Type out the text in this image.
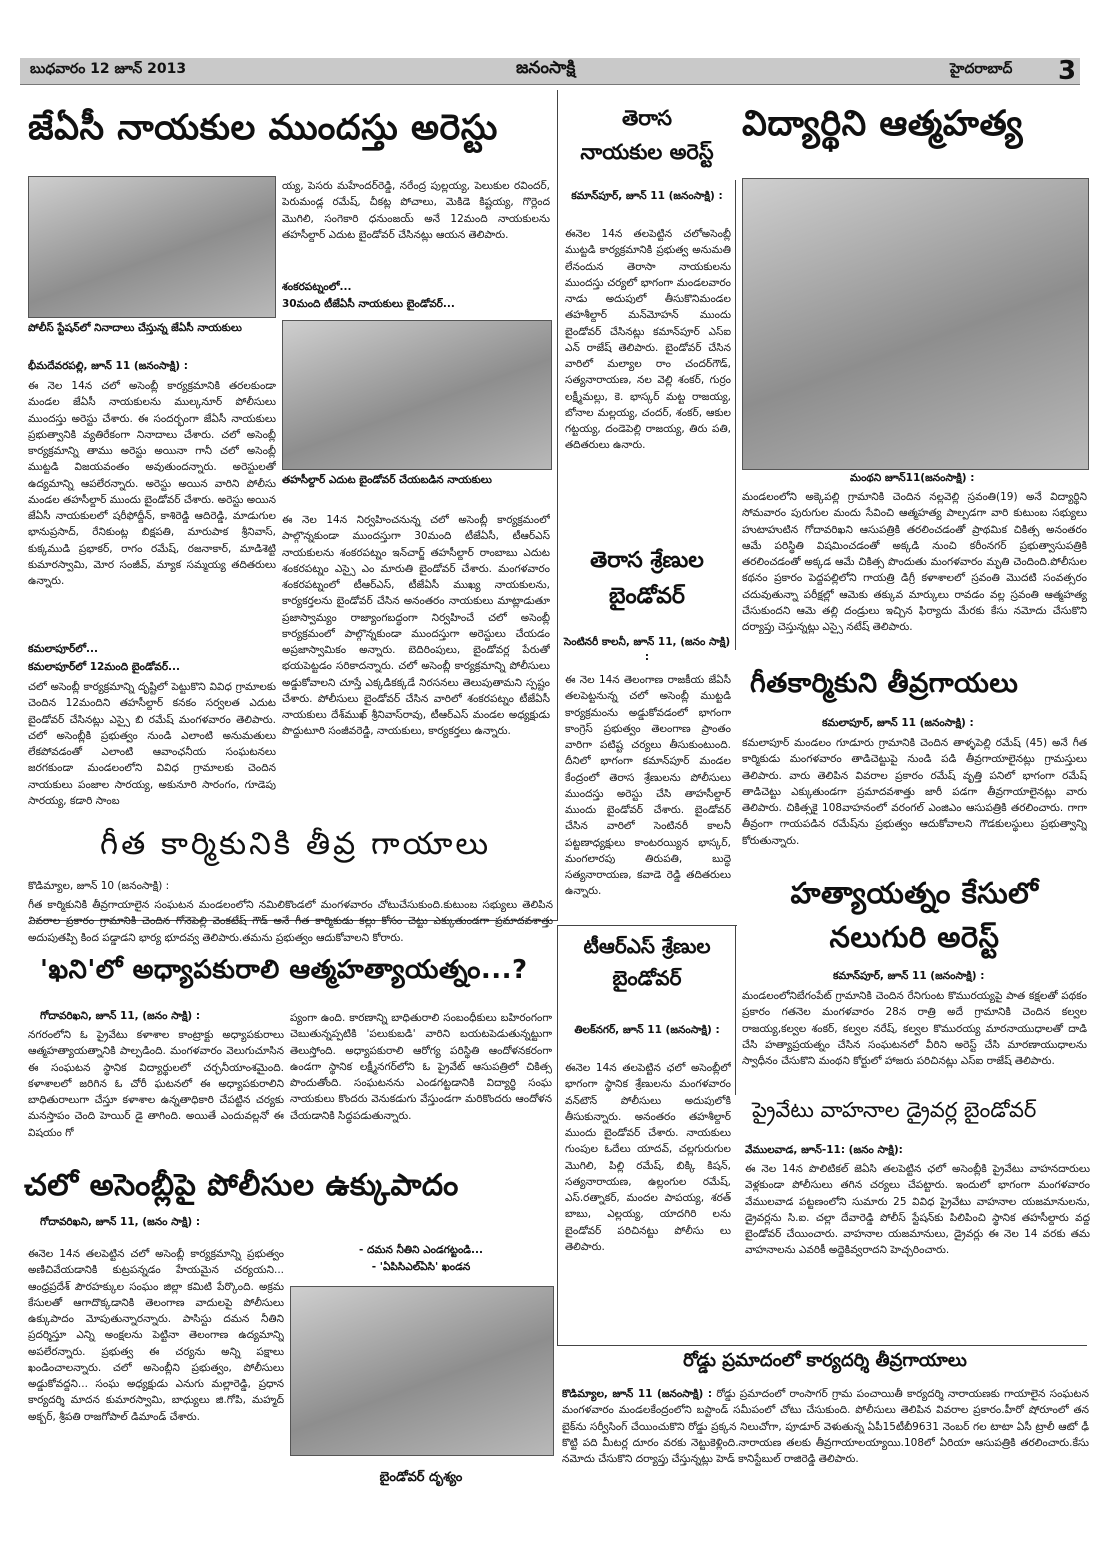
బుధవారం 12 జూన్ 2013	జనంసాక్షి	హైదరాబాద్ 3
జేఏసీ నాయకుల ముందస్తు అరెస్టు
పోలీస్ స్టేషన్‌లో నినాదాలు చేస్తున్న జేఏసీ నాయకులు
భీమదేవరపల్లి, జూన్ 11 (జనంసాక్షి) :
ఈ నెల 14న చలో అసెంబ్లీ కార్యక్రమానికి తరలకుండా మండల జేఏసీ నాయకులను ముల్కనూర్ పోలీసులు ముందస్తు అరెస్టు చేశారు. ఈ సందర్భంగా జేఏసీ నాయకులు ప్రభుత్వానికి వ్యతిరేకంగా నినాదాలు చేశారు. చలో అసెంబ్లీ కార్యక్రమాన్ని తాము అరెస్టు అయినా గానీ చలో అసెంబ్లీ ముట్టడి విజయవంతం అవుతుందన్నారు. అరెస్టులతో ఉద్యమాన్ని ఆపలేరన్నారు. అరెస్టు అయిన వారిని పోలీసు మండల తహసీల్దార్ ముందు బైండోవర్ చేశారు. అరెస్టు అయిన జేఏసీ నాయకులలో షరీఫోద్దీన్, కాశిరెడ్డి ఆదిరెడ్డి, మాడుగుల భానుప్రసాద్, రేనికుంట్ల బిక్షపతి, మారుపాక శ్రీనివాస్, కుక్కముడి ప్రభాకర్, రాగం రమేష్, రజనాకార్, మాడిశెట్టి కుమారస్వామి, మోర సంజీవ్, మ్యాక సమ్మయ్య తదితరులు ఉన్నారు.
కమలాపూర్‌లో...
కమలాపూర్‌లో 12మంది బైండోవర్...
చలో అసెంబ్లీ కార్యక్రమాన్ని దృష్టిలో పెట్టుకొని వివిధ గ్రామాలకు చెందిన 12మందిని తహసీల్దార్ కనకం సర్వలత ఎదుట బైండోవర్ చేసినట్లు ఎస్సై బి రమేష్ మంగళవారం తెలిపారు. చలో అసెంబ్లీకి ప్రభుత్వం నుండి ఎలాంటి అనుమతులు లేకపోవడంతో ఎలాంటి ఆవాంఛనీయ సంఘటనలు జరగకుండా మండలంలోని వివిధ గ్రామాలకు చెందిన నాయకులు పంజాల సారయ్య, అకునూరి సారంగం, గూడెపు సారయ్య, కడారి సాంబ
య్య, పెసరు మహేందర్‌రెడ్డి, నరేంద్ర పుల్లయ్య, పెలుకుల రవిందర్, పెరుమండ్ల రమేష్, చీకట్ల పోచాలు, మెకిడె కిష్టయ్య, గొర్లెంద మొగిలి, సంగెకారి ధనుంజయ్ అనే 12మంది నాయకులను తహసీల్దార్ ఎదుట బైండోవర్ చేసినట్లు ఆయన తెలిపారు.
శంకరపట్నంలో...
30మంది టీజేఏసీ నాయకులు బైండోవర్...
తహసీల్దార్ ఎదుట బైండోవర్ చేయబడిన నాయకులు
ఈ నెల 14న నిర్వహించనున్న చలో అసెంబ్లీ కార్యక్రమంలో పాల్గొన్నకుండా ముందస్తుగా 30మంది టీజేఏసీ, టీఆర్ఎస్ నాయకులను శంకరపట్నం ఇన్‌చార్జ్ తహసీల్దార్ రాంబాబు ఎదుట శంకరపట్నం ఎస్సై ఎం మారుతి బైండోవర్ చేశారు. మంగళవారం శంకరపట్నంలో టీఆర్ఎస్, టీజేఏసీ ముఖ్య నాయకులను, కార్యకర్తలను బైండోవర్ చేసిన అనంతరం నాయకులు మాట్లాడుతూ ప్రజాస్వామ్యం రాజ్యాంగబద్ధంగా నిర్వహించే చలో అసెంబ్లీ కార్యక్రమంలో పాల్గొన్నకుండా ముందస్తుగా అరెస్టులు చేయడం అప్రజాస్వామికం అన్నారు. బెదిరింపులు, బైండోవర్ల పేరుతో భయపెట్టడం సరికాదన్నారు. చలో అసెంబ్లీ కార్యక్రమాన్ని పోలీసులు అడ్డుకోవాలని చూస్తే ఎక్కడికక్కడే నిరసనలు తెలుపుతామని స్పష్టం చేశారు. పోలీసులు బైండోవర్ చేసిన వారిలో శంకరపట్నం టీజేఏసీ నాయకులు దేశ్‌ముఖ్ శ్రీనివాస్‌రావు, టీఆర్ఎస్ మండల అధ్యక్షుడు పొద్దుటూరి సంజీవరెడ్డి, నాయకులు, కార్యకర్తలు ఉన్నారు.
తెరాస
నాయకుల అరెస్ట్
కమాన్‌పూర్, జూన్ 11 (జనంసాక్షి) :
ఈనెల 14న తలపెట్టిన చలోఅసెంబ్లీ ముట్టడి కార్యక్రమానికి ప్రభుత్వ అనుమతి లేనందున తెరాసా నాయకులను ముందస్తు చర్యలో భాగంగా మండలవారం నాడు అదుపులో తీసుకొనిమండల తహశీల్దార్ మన్‌మోహన్ ముందు బైండోవర్ చేసినట్లు కమాన్‌పూర్ ఎస్ఐ ఎన్ రాజేష్ తెలిపారు. బైండోవర్ చేసిన వారిలో మల్యాల రాం చందర్‌గౌడ్, సత్యనారాయణ, నల వెల్లి శంకర్, గుర్రం లక్ష్మీమల్లు, కె. భాస్కర్ మట్ట రాజయ్య, బోనాల మల్లయ్య, చందర్, శంకర్, ఆకుల గట్టయ్య, దండెపెల్లి రాజయ్య, తిరు పతి, తదితరులు ఉనారు.
తెరాస శ్రేణుల
బైండోవర్
సెంటినరీ కాలనీ, జూన్ 11, (జనం సాక్షి) :
ఈ నెల 14న తెలంగాణ రాజకీయ జేఏసీ తలపెట్టనున్న చలో అసెంబ్లీ ముట్టడి కార్యక్రమంను అడ్డుకోవడంలో భాగంగా కాంగ్రెస్ ప్రభుత్వం తెలంగాణ ప్రాంతం వారిగా పటిష్ట చర్యలు తీసుకుంటుంది. దీనిలో భాగంగా కమాన్‌పూర్ మండల కేంద్రంలో తెరాస శ్రేణులను పోలీసులు ముందస్తు అరెస్టు చేసి తాహసీల్దార్ ముందు బైండోవర్ చేశారు. బైండోవర్ చేసిన వారిలో సెంటినరీ కాలనీ పట్టణాధ్యక్షులు కాంటరయ్యిన భాస్కర్, మంగలారపు తిరుపతి, బుద్ధె సత్యనారాయణ, కవాడె రెడ్డి తదితరులు ఉన్నారు.
టీఆర్ఎస్ శ్రేణుల
బైండోవర్
తిలక్‌నగర్, జూన్ 11 (జనంసాక్షి) :
ఈనెల 14న తలపెట్టిన ఛలో అసెంబ్లీలో భాగంగా స్థానిక శ్రేణులను మంగళవారం వన్‌టౌన్ పోలీసులు అదుపులోకి తీసుకున్నారు. అనంతరం తహశీల్దార్ ముందు బైండోవర్ చేశారు. నాయకులు గుంపుల ఓదేలు యాదవ్, చల్లగురుగుల మొగిలి, పిల్లి రమేష్, బిక్కి కిషన్, సత్యనారాయణ, ఉల్లంగుల రమేష్, ఎస్.రత్నాకర్, మందల పాపయ్య, శరత్ బాబు, ఎల్లయ్య, యాదగిరి లను బైండోవర్ పరిచినట్టు పోలీసు లు తెలిపారు.
విద్యార్థిని ఆత్మహత్య
మంథని జూన్11(జనంసాక్షి) :
మండలంలోని అక్కెపల్లి గ్రామానికి చెందిన నల్లవెల్లి స్రవంతి(19) అనే విద్యార్థిని సోమవారం పురుగుల మందు సేవించి ఆత్మహత్య పాల్పడగా వారి కుటుంబ సభ్యులు హుటాహుటిన గోదావరిఖని ఆసుపత్రికి తరలించడంతో ప్రాథమిక చికిత్స అనంతరం ఆమే పరిస్థితి విషమించడంతో అక్కడి నుంచి కరీంనగర్ ప్రభుత్వాసుపత్రికి తరలించడంతో అక్కడ ఆమే చికిత్స పొందుతు మంగళవారం మృతి చెందింది.పోలీసుల కథనం ప్రకారం పెద్దపల్లిలోని గాయత్రి డిగ్రీ కళాశాలలో స్రవంతి మొదటి సంవత్సరం చదువుతున్నా పరీక్షల్లో ఆమెకు తక్కువ మార్కులు రావడం వల్ల స్రవంతి ఆత్మహత్య చేసుకుందని ఆమె తల్లి దండ్రులు ఇచ్చిన ఫిర్యాదు మేరకు కేసు నమోదు చేసుకొని దర్యాప్తు చెస్తున్నట్లు ఎస్సై నటేష్ తెలిపారు.
గీతకార్మికుని తీవ్రగాయలు
కమలాపూర్, జూన్ 11 (జనంసాక్షి) :
కమలాపూర్ మండలం గూడూరు గ్రామానికి చెందిన తాళ్ళపెల్లి రమేష్ (45) అనే గీత కార్మికుడు మంగళవారం తాడిచెట్టుపై నుండి పడి తీవ్రగాయాలైనట్లు గ్రామస్తులు తెలిపారు. వారు తెలిపిన వివరాల ప్రకారం రమేష్ వృత్తి పనిలో భాగంగా రమేష్ తాడిచెట్టు ఎక్కుతుండగా ప్రమాదవశాత్తు జారీ పడగా తీవ్రగాయాలైనట్లు వారు తెలిపారు. చికిత్సకై 108వాహనంలో వరంగల్ ఎంజిఎం ఆసుపత్రికి తరలించారు. గాగా తీవ్రంగా గాయపడిన రమేష్‌ను ప్రభుత్వం ఆదుకోవాలని గౌడకులస్థులు ప్రభుత్వాన్ని కోరుతున్నారు.
హత్యాయత్నం కేసులో
నలుగురి అరెస్ట్
కమాన్‌పూర్, జూన్ 11 (జనంసాక్షి) :
మండలంలోనిబేగంపేట్ గ్రామానికి చెందిన రేనిగుంట కొమురయ్యపై పాత కక్షలతో పథకం ప్రకారం గతనెల మంగళవారం 28న రాత్రి అదే గ్రామానికి చెందిన కల్వల రాజయ్య,కల్వల శంకర్, కల్వల నరేష్, కల్వల కొమురయ్య మారనాయుధాలతో దాడి చేసి హత్యాప్రయత్నం చేసిన సంఘటనలో వీరిని అరెస్ట్ చేసి మారణాయుధాలను స్వాధీనం చేసుకొని మంథని కోర్టులో హాజరు పరిచినట్లు ఎస్ఐ రాజేష్ తెలిపారు.
ప్రైవేటు వాహనాల డ్రైవర్ల బైండోవర్
వేములవాడ, జూన్-11: (జనం సాక్షి):
ఈ నెల 14న పొలిటికల్ జెఏసి తలపెట్టిన ఛలో అసెంబ్లీకి ప్రైవేటు వాహనదారులు వెళ్లకుండా పోలీసులు తగిన చర్యలు చేపట్టారు. ఇందులో భాగంగా మంగళవారం వేములవాడ పట్టణంలోని సుమారు 25 వివిధ ప్రైవేటు వాహనాల యజమానులను, డ్రైవర్లను సి.ఐ. చల్లా దేవారెడ్డి పోలీస్ స్టేషన్‌కు పిలిపించి స్థానిక తహసీల్దారు వద్ద బైండోవర్ చేయించారు. వాహనాల యజమానులు, డ్రైవర్లు ఈ నెల 14 వరకు తమ వాహనాలను ఎవరికీ అద్దెకివ్వరాదని హెచ్చరించారు.
గీత కార్మికునికి తీవ్ర గాయాలు
కొడిమ్యాల, జూన్ 10 (జనంసాక్షి) :
గీత కార్మికునికి తీవ్రగాయాలైన సంఘటన మండలంలోని నమిలికొండలో మంగళవారం చోటుచేసుకుంది.కుటుంబ సభ్యులు తెలిపిన వివరాల ప్రకారం గ్రామానికి చెందిన గోనెపెల్లి వెంకటేష్ గౌడ్ అనే గీత కార్మికుడు కల్లు కోసం చెట్టు ఎక్కుతుండగా ప్రమాదవశాత్తు అదుపుతప్పి కింద పడ్డాడని భార్య భూదవ్వ తెలిపారు.తమను ప్రభుత్వం ఆదుకోవాలని కోరారు.
'ఖని'లో అధ్యాపకురాలి ఆత్మహత్యాయత్నం...?
గోదావరిఖని, జూన్ 11, (జనం సాక్షి) :
నగరంలోని ఓ ప్రైవేటు కళాశాల కాంట్రాక్టు అధ్యాపకురాలు ఆత్మహత్యాయత్నానికి పాల్పడింది. మంగళవారం వెలుగుచూసిన ఈ సంఘటన స్థానిక విద్యార్థులలో చర్చనీయాంశమైంది. కళాశాలలో జరిగిన ఓ చోరీ ఘటనలో ఈ అధ్యాపకురాలిని బాధితురాలుగా చేస్తూ కళాశాల ఉన్నతాధికారి చేపట్టిన చర్యకు మనస్తాపం చెంది హెయిర్ డై తాగింది. అయితే ఎందువల్లనో ఈ విషయం గో
ప్యంగా ఉంది. కారణాన్ని బాధితురాలి సంబంధీకులు బహిరంగంగా చెబుతున్నప్పటికి 'పలుకుబడి' వారిని బయటపెడుతున్నట్టుగా తెలుస్తోంది. అధ్యాపకురాలి ఆరోగ్య పరిస్థితి ఆందోళనకరంగా ఉండగా స్థానిక లక్ష్మీనగర్‌లోని ఓ ప్రైవేట్ ఆసుపత్రిలో చికిత్స పొందుతోంది. సంఘటనను ఎండగట్టడానికి విద్యార్థి సంఘ నాయకులు కొందరు వెనుకడుగు వేస్తుండగా మరికొందరు ఆందోళన చేయడానికి సిద్ధపడుతున్నారు.
చలో అసెంబ్లీపై పోలీసుల ఉక్కుపాదం
గోదావరిఖని, జూన్ 11, (జనం సాక్షి) :
ఈనెల 14న తలపెట్టిన చలో అసెంబ్లీ కార్యక్రమాన్ని ప్రభుత్వం అణిచివేయడానికి కుట్రపన్నడం హేయమైన చర్యయని... ఆంధ్రప్రదేశ్ పౌరహక్కుల సంఘం జిల్లా కమిటి పేర్కొంది. అక్రమ కేసులతో ఆగాదొక్కడానికి తెలంగాణ వాదులపై పోలీసులు ఉక్కుపాదం మోపుతున్నారన్నారు. పాసిస్టు దమన నీతిని ప్రదర్శిస్తూ ఎన్ని అంక్షలను పెట్టినా తెలంగాణ ఉద్యమాన్ని అపలేరన్నారు. ప్రభుత్వ ఈ చర్యను అన్ని పక్షాలు ఖండించాలన్నారు. చలో అసెంబ్లీని ప్రభుత్వం, పోలీసులు అడ్డుకోవద్దని... సంఘ అధ్యక్షుడు ఎనుగు మల్లారెడ్డి, ప్రధాన కార్యదర్శి మాదన కుమారస్వామి, బాధ్యులు జి.గోపి, మహ్మద్ అక్బర్, శ్రీపతి రాజగోపాల్ డిమాండ్ చేశారు.
- దమన నీతిని ఎండగట్టండి...
- 'ఏపిసిఎల్ఏసి' ఖండన
బైండోవర్ దృశ్యం
రోడ్డు ప్రమాదంలో కార్యదర్శి తీవ్రగాయాలు
కొడిమ్యాల, జూన్ 11 (జనంసాక్షి) : రోడ్డు ప్రమాదంలో రాంసాగర్ గ్రామ పంచాయితీ కార్యదర్శి నారాయణకు గాయాలైన సంఘటన మంగళవారం మండలకేంద్రంలోని బస్టాండ్ సమీపంలో చోటు చేసుకుంది. పోలీసులు తెలిపిన వివరాల ప్రకారం.హీరో షోరూంలో తన బైక్‌ను సర్వీసింగ్ చేయించుకొని రోడ్డు ప్రక్కన నిలుచోగా, పూడూర్ వెళుతున్న ఏపీ15టీబీ9631 నెంబర్ గల టాటా ఏసీ ట్రాలీ ఆటో ఢీ కొట్టి పది మీటర్ల దూరం వరకు నెట్టుకెళ్లింది.నారాయణ తలకు తీవ్రగాయాలయ్యాయి.108లో ఏరియా ఆసుపత్రికి తరలించారు.కేసు నమోదు చేసుకొని దర్యాప్తు చేస్తున్నట్లు హెడ్ కానిస్టేబుల్ రాజిరెడ్డి తెలిపారు.
